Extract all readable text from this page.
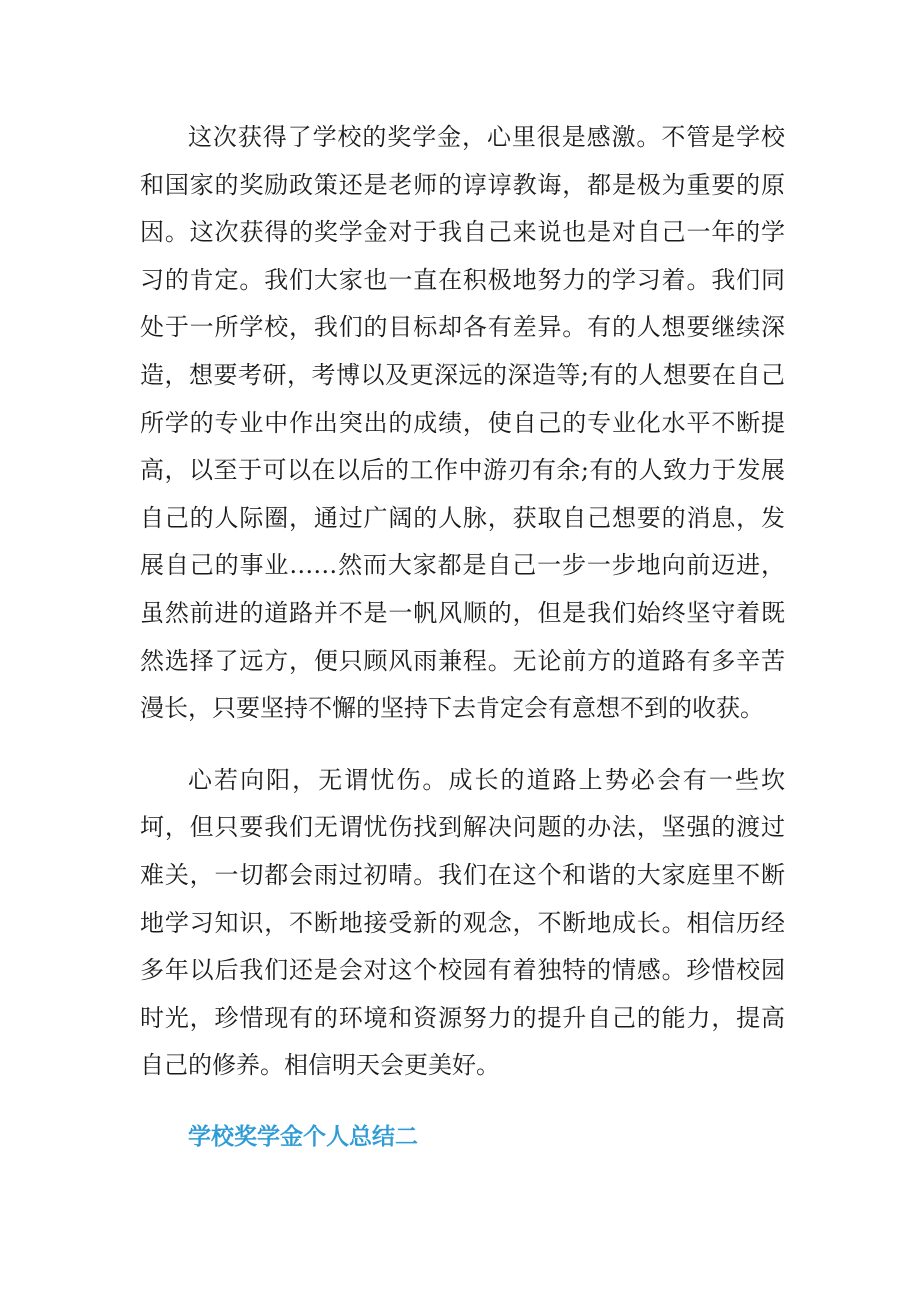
这次获得了学校的奖学金，心里很是感激。不管是学校和国家的奖励政策还是老师的谆谆教诲，都是极为重要的原因。这次获得的奖学金对于我自己来说也是对自己一年的学习的肯定。我们大家也一直在积极地努力的学习着。我们同处于一所学校，我们的目标却各有差异。有的人想要继续深造，想要考研，考博以及更深远的深造等;有的人想要在自己所学的专业中作出突出的成绩，使自己的专业化水平不断提高，以至于可以在以后的工作中游刃有余;有的人致力于发展自己的人际圈，通过广阔的人脉，获取自己想要的消息，发展自己的事业……然而大家都是自己一步一步地向前迈进，虽然前进的道路并不是一帆风顺的，但是我们始终坚守着既然选择了远方，便只顾风雨兼程。无论前方的道路有多辛苦漫长，只要坚持不懈的坚持下去肯定会有意想不到的收获。

心若向阳，无谓忧伤。成长的道路上势必会有一些坎坷，但只要我们无谓忧伤找到解决问题的办法，坚强的渡过难关，一切都会雨过初晴。我们在这个和谐的大家庭里不断地学习知识，不断地接受新的观念，不断地成长。相信历经多年以后我们还是会对这个校园有着独特的情感。珍惜校园时光，珍惜现有的环境和资源努力的提升自己的能力，提高自己的修养。相信明天会更美好。

学校奖学金个人总结二
